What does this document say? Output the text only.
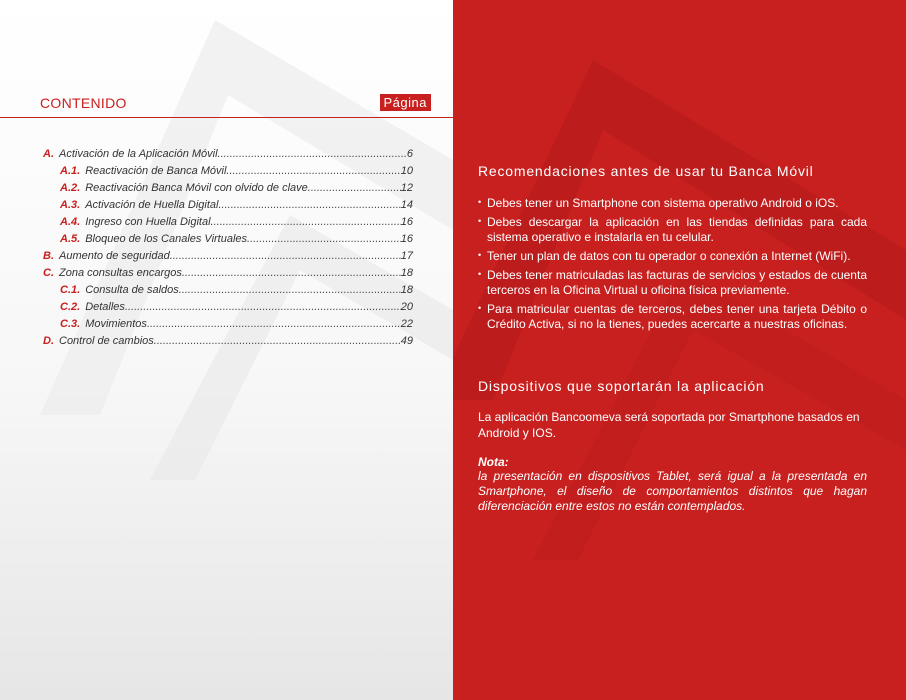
CONTENIDO	Página
A. Activación de la Aplicación Móvil. .....	6
A.1. Reactivación de Banca Móvil. .....	10
A.2. Reactivación Banca Móvil con olvido de clave. .....	12
A.3. Activación de Huella Digital. .....	14
A.4. Ingreso con Huella Digital. .....	16
A.5. Bloqueo de los Canales Virtuales. .....	16
B. Aumento de seguridad. .....	17
C. Zona consultas encargos. .....	18
C.1. Consulta de saldos. .....	18
C.2. Detalles .....	20
C.3. Movimientos .....	22
D. Control de cambios. .....	49
Recomendaciones antes de usar tu Banca Móvil
• Debes tener un Smartphone con sistema operativo Android o iOS.
• Debes descargar la aplicación en las tiendas definidas para cada sistema operativo e instalarla en tu celular.
• Tener un plan de datos con tu operador o conexión a Internet (WiFi).
• Debes tener matriculadas las facturas de servicios y estados de cuenta terceros en la Oficina Virtual u oficina física previamente.
• Para matricular cuentas de terceros, debes tener una tarjeta Débito o Crédito Activa, si no la tienes, puedes acercarte a nuestras oficinas.
Dispositivos que soportarán la aplicación
La aplicación Bancoomeva será soportada por Smartphone basados en Android y IOS.
Nota:
la presentación en dispositivos Tablet, será igual a la presentada en Smartphone, el diseño de comportamientos distintos que hagan diferenciación entre estos no están contemplados.
